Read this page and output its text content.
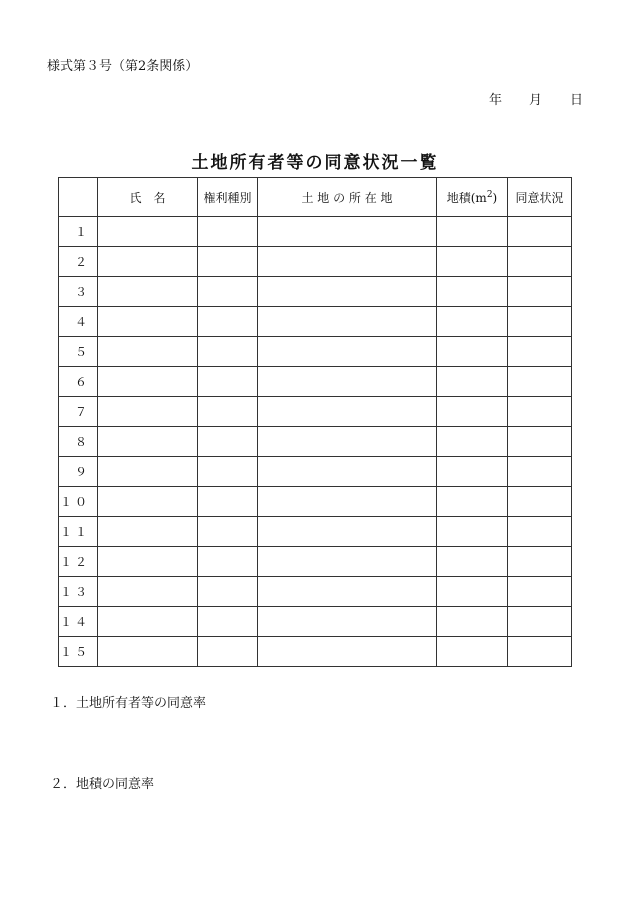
様式第３号（第2条関係）
年	月	日
土地所有者等の同意状況一覧
	氏　名	権利種別	土 地 の 所 在 地	地積$(m^2)$	同意状況
１					
２					
３					
４					
５					
６					
７					
８					
９					
１０					
１１					
１２					
１３					
１４					
１５					
１．土地所有者等の同意率
２．地積の同意率
